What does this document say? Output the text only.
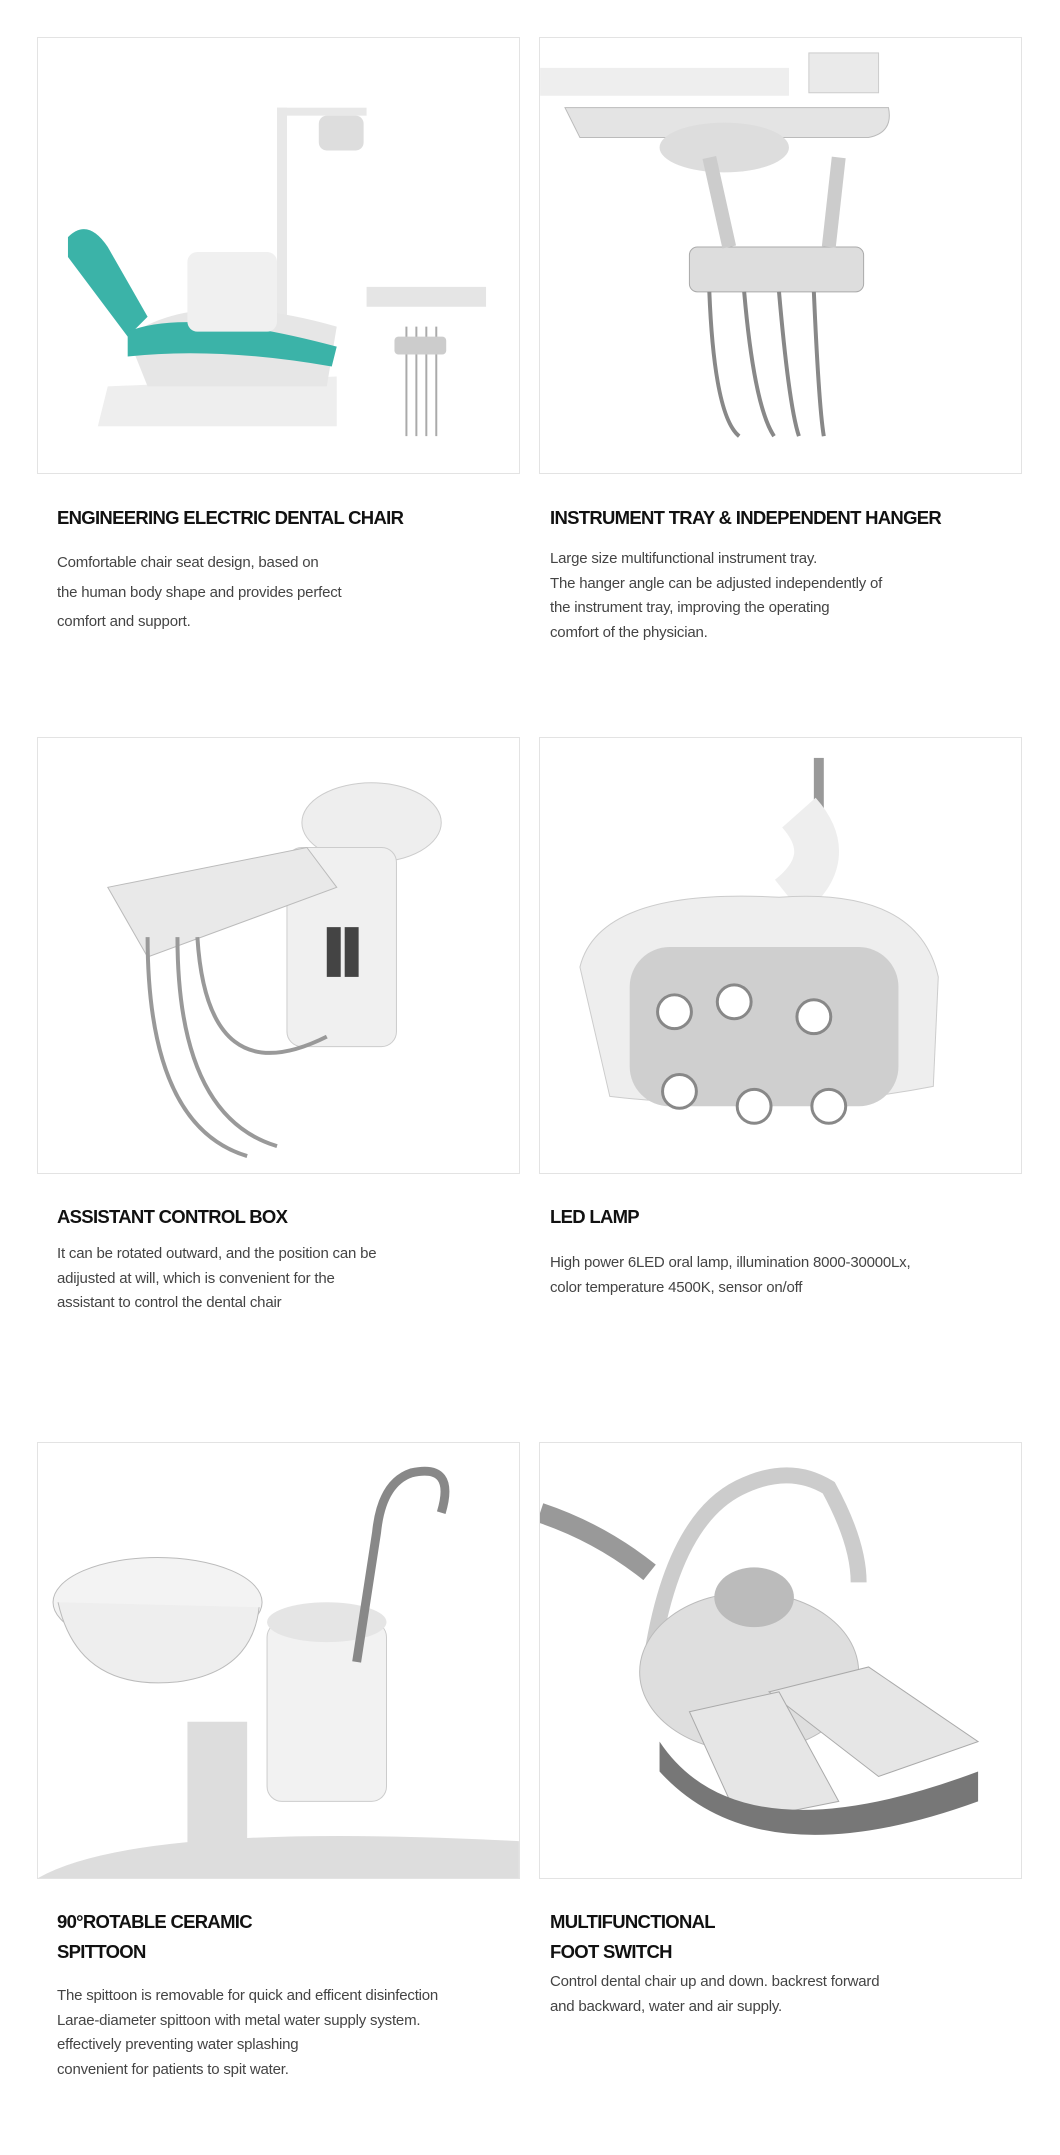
ENGINEERING ELECTRIC DENTAL CHAIR
Comfortable chair seat design, based on
the human body shape and provides perfect
comfort and support.
INSTRUMENT TRAY & INDEPENDENT HANGER
Large size multifunctional instrument tray.
The hanger angle can be adjusted independently of
the instrument tray, improving the operating
comfort of the physician.
ASSISTANT CONTROL BOX
It can be rotated outward, and the position can be
adijusted at will, which is convenient for the
assistant to control the dental chair
LED LAMP
High power 6LED oral lamp, illumination 8000-30000Lx,
color temperature 4500K, sensor on/off
90°ROTABLE CERAMIC
SPITTOON
The spittoon is removable for quick and efficent disinfection
Larae-diameter spittoon with metal water supply system.
effectively preventing water splashing
convenient for patients to spit water.
MULTIFUNCTIONAL
FOOT SWITCH
Control dental chair up and down. backrest forward
and backward, water and air supply.
